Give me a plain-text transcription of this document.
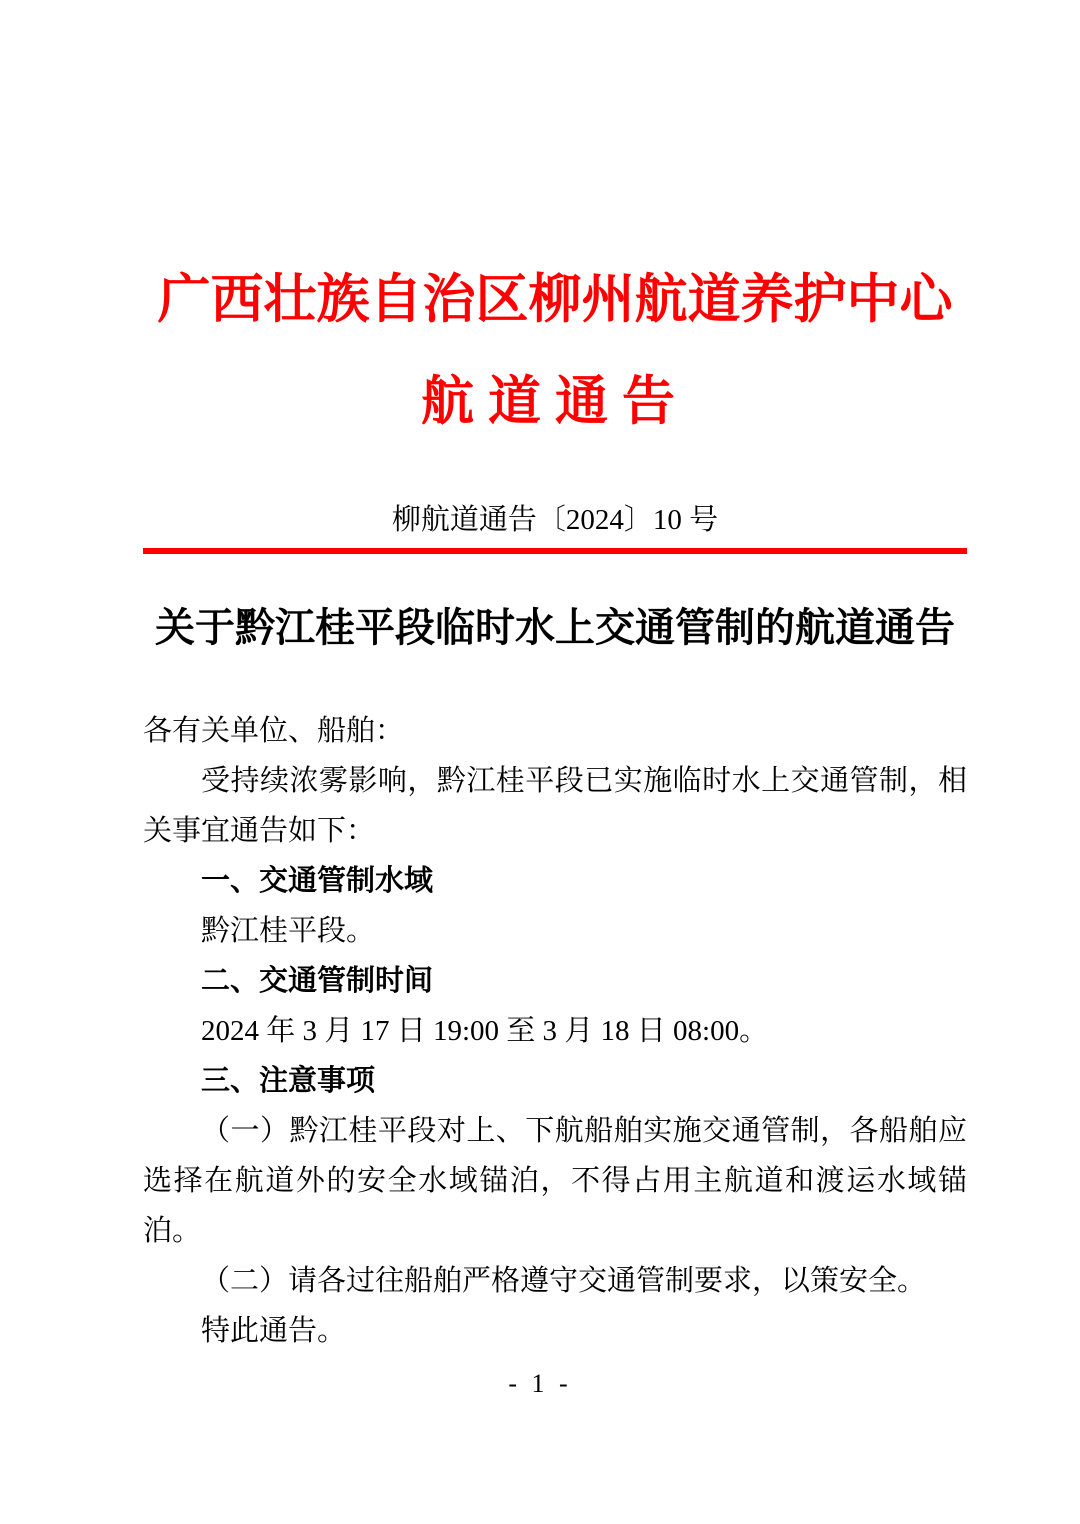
广西壮族自治区柳州航道养护中心
航道通告
柳航道通告〔2024〕10 号
关于黔江桂平段临时水上交通管制的航道通告
各有关单位、船舶：
受持续浓雾影响，黔江桂平段已实施临时水上交通管制，相
关事宜通告如下：
一、交通管制水域
黔江桂平段。
二、交通管制时间
2024 年 3 月 17 日 19:00 至 3 月 18 日 08:00。
三、注意事项
（一）黔江桂平段对上、下航船舶实施交通管制，各船舶应
选择在航道外的安全水域锚泊，不得占用主航道和渡运水域锚
泊。
（二）请各过往船舶严格遵守交通管制要求，以策安全。
特此通告。
- 1 -
